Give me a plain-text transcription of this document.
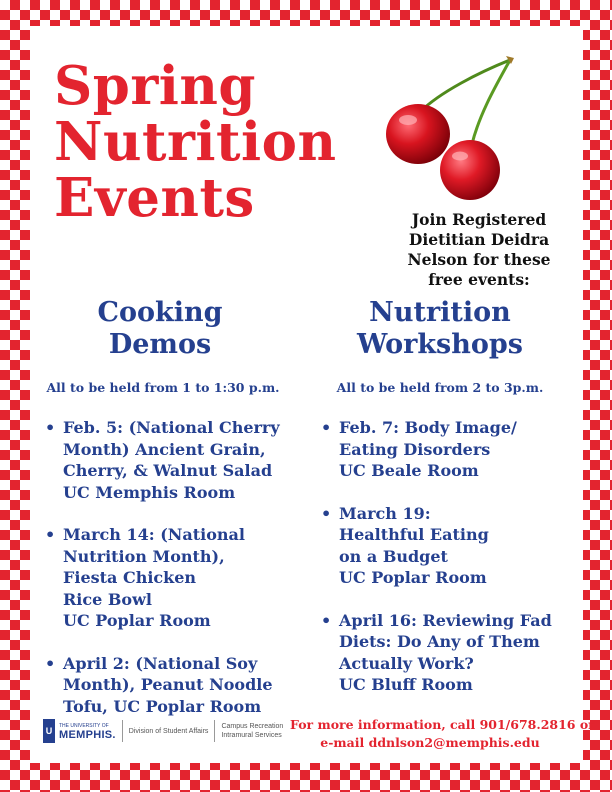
Spring
Nutrition
Events	Join Registered
Dietitian Deidra
Nelson for these
free events:
Cooking
Demos
All to be held from 1 to 1:30 p.m.
• Feb. 5: (National Cherry
Month) Ancient Grain,
Cherry, & Walnut Salad
UC Memphis Room
• March 14: (National
Nutrition Month),
Fiesta Chicken
Rice Bowl
UC Poplar Room
• April 2: (National Soy
Month), Peanut Noodle
Tofu, UC Poplar Room
Nutrition
Workshops
All to be held from 2 to 3p.m.
• Feb. 7: Body Image/
Eating Disorders
UC Beale Room
• March 19:
Healthful Eating
on a Budget
UC Poplar Room
• April 16: Reviewing Fad
Diets: Do Any of Them
Actually Work?
UC Bluff Room
U	THE UNIVERSITY OF
MEMPHIS. Division of Student Affairs
Campus Recreation
Intramural Services
For more information, call 901/678.2816 or
e-mail ddnlson2@memphis.edu
